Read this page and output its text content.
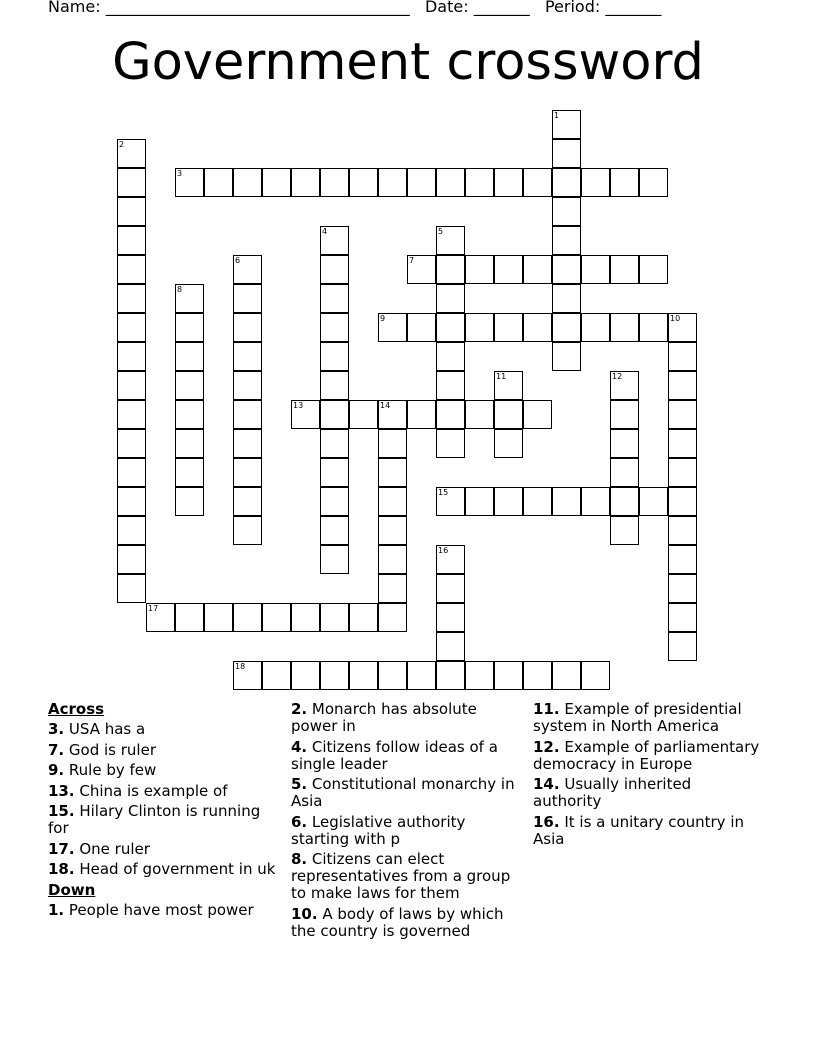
Name: ______________________________________ Date: _______ Period: _______
Government crossword
1
2
3
4	5
6	7
8
9	10
11	12
13	14
15
16
17
18
Across
3. USA has a
7. God is ruler
9. Rule by few
13. China is example of
15. Hilary Clinton is running for
17. One ruler
18. Head of government in uk
Down
1. People have most power
2. Monarch has absolute power in
4. Citizens follow ideas of a single leader
5. Constitutional monarchy in Asia
6. Legislative authority starting with p
8. Citizens can elect representatives from a group to make laws for them
10. A body of laws by which the country is governed
11. Example of presidential system in North America
12. Example of parliamentary democracy in Europe
14. Usually inherited authority
16. It is a unitary country in Asia
